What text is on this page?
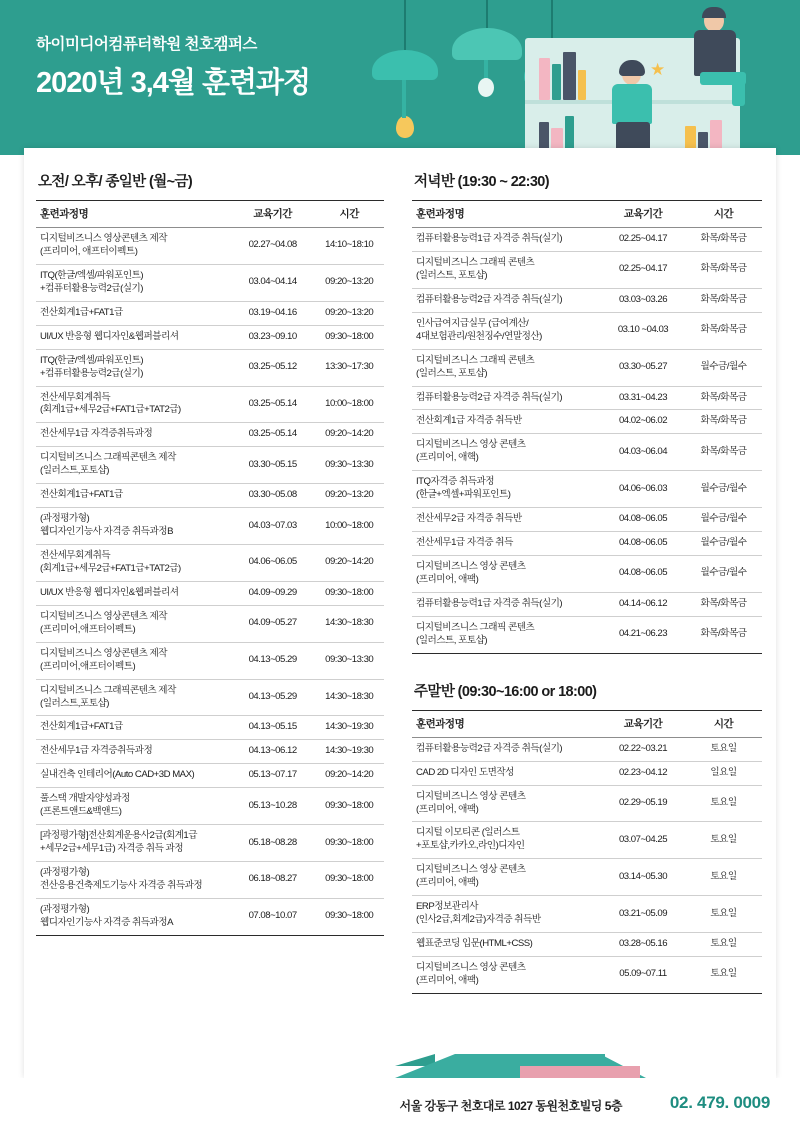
★
하이미디어컴퓨터학원 천호캠퍼스
2020년 3,4월 훈련과정
오전/ 오후/ 종일반 (월~금)
훈련과정명	교육기간	시간

디지털비즈니스 영상콘텐츠 제작
(프리미어, 애프터이펙트)	02.27~04.08	14:10~18:10

ITQ(한글/엑셀/파워포인트)
+컴퓨터활용능력2급(실기)	03.04~04.14	09:20~13:20

전산회계1급+FAT1급	03.19~04.16	09:20~13:20

UI/UX 반응형 웹디자인&웹퍼블리셔	03.23~09.10	09:30~18:00

ITQ(한글/엑셀/파워포인트)
+컴퓨터활용능력2급(실기)	03.25~05.12	13:30~17:30

전산세무회계취득
(회계1급+세무2급+FAT1급+TAT2급)	03.25~05.14	10:00~18:00

전산세무1급 자격증취득과정	03.25~05.14	09:20~14:20

디지털비즈니스 그래픽콘텐츠 제작
(일러스트,포토샵)	03.30~05.15	09:30~13:30

전산회계1급+FAT1급	03.30~05.08	09:20~13:20

(과정평가형)
웹디자인기능사 자격증 취득과정B	04.03~07.03	10:00~18:00

전산세무회계취득
(회계1급+세무2급+FAT1급+TAT2급)	04.06~06.05	09:20~14:20

UI/UX 반응형 웹디자인&웹퍼블리셔	04.09~09.29	09:30~18:00

디지털비즈니스 영상콘텐츠 제작
(프리미어,애프터이펙트)	04.09~05.27	14:30~18:30

디지털비즈니스 영상콘텐츠 제작
(프리미어,애프터이펙트)	04.13~05.29	09:30~13:30

디지털비즈니스 그래픽콘텐츠 제작
(일러스트,포토샵)	04.13~05.29	14:30~18:30

전산회계1급+FAT1급	04.13~05.15	14:30~19:30

전산세무1급 자격증취득과정	04.13~06.12	14:30~19:30

실내건축 인테리어(Auto CAD+3D MAX)	05.13~07.17	09:20~14:20

풀스택 개발자양성과정
(프론트앤드&백앤드)	05.13~10.28	09:30~18:00

[과정평가형]전산회계운용사2급(회계1급
+세무2급+세무1급) 자격증 취득 과정	05.18~08.28	09:30~18:00

(과정평가형)
전산응용건축제도기능사 자격증 취득과정	06.18~08.27	09:30~18:00

(과정평가형)
웹디자인기능사 자격증 취득과정A	07.08~10.07	09:30~18:00
저녁반 (19:30 ~ 22:30)
훈련과정명	교육기간	시간

컴퓨터활용능력1급 자격증 취득(실기)	02.25~04.17	화목/화목금

디지털비즈니스 그래픽 콘텐츠
(일러스트, 포토샵)	02.25~04.17	화목/화목금

컴퓨터활용능력2급 자격증 취득(실기)	03.03~03.26	화목/화목금

인사급여지급실무 (급여계산/
4대보험관리/원천징수/연말정산)	03.10 ~04.03	화목/화목금

디지털비즈니스 그래픽 콘텐츠
(일러스트, 포토샵)	03.30~05.27	월수금/월수

컴퓨터활용능력2급 자격증 취득(실기)	03.31~04.23	화목/화목금

전산회계1급 자격증 취득반	04.02~06.02	화목/화목금

디지털비즈니스 영상 콘텐츠
(프리미어, 애핵)	04.03~06.04	화목/화목금

ITQ자격증 취득과정
(한글+엑셀+파워포인트)	04.06~06.03	월수금/월수

전산세무2급 자격증 취득반	04.08~06.05	월수금/월수

전산세무1급 자격증 취득	04.08~06.05	월수금/월수

디지털비즈니스 영상 콘텐츠
(프리미어, 애팩)	04.08~06.05	월수금/월수

컴퓨터활용능력1급 자격증 취득(실기)	04.14~06.12	화목/화목금

디지털비즈니스 그래픽 콘텐츠
(일러스트, 포토샵)	04.21~06.23	화목/화목금
주말반 (09:30~16:00 or 18:00)
훈련과정명	교육기간	시간

컴퓨터활용능력2급 자격증 취득(실기)	02.22~03.21	토요일

CAD 2D 디자인 도면작성	02.23~04.12	일요일

디지털비즈니스 영상 콘텐츠
(프리미어, 애팩)	02.29~05.19	토요일

디지털 이모티콘 (일러스트
+포토샵,카카오,라인)디자인	03.07~04.25	토요일

디지털비즈니스 영상 콘텐츠
(프리미어, 애팩)	03.14~05.30	토요일

ERP정보관리사
(인사2급,회계2급)자격증 취득반	03.21~05.09	토요일

웹표준코딩 입문(HTML+CSS)	03.28~05.16	토요일

디지털비즈니스 영상 콘텐츠
(프리미어, 애팩)	05.09~07.11	토요일
서울 강동구 천호대로 1027 동원천호빌딩 5층	02. 479. 0009
